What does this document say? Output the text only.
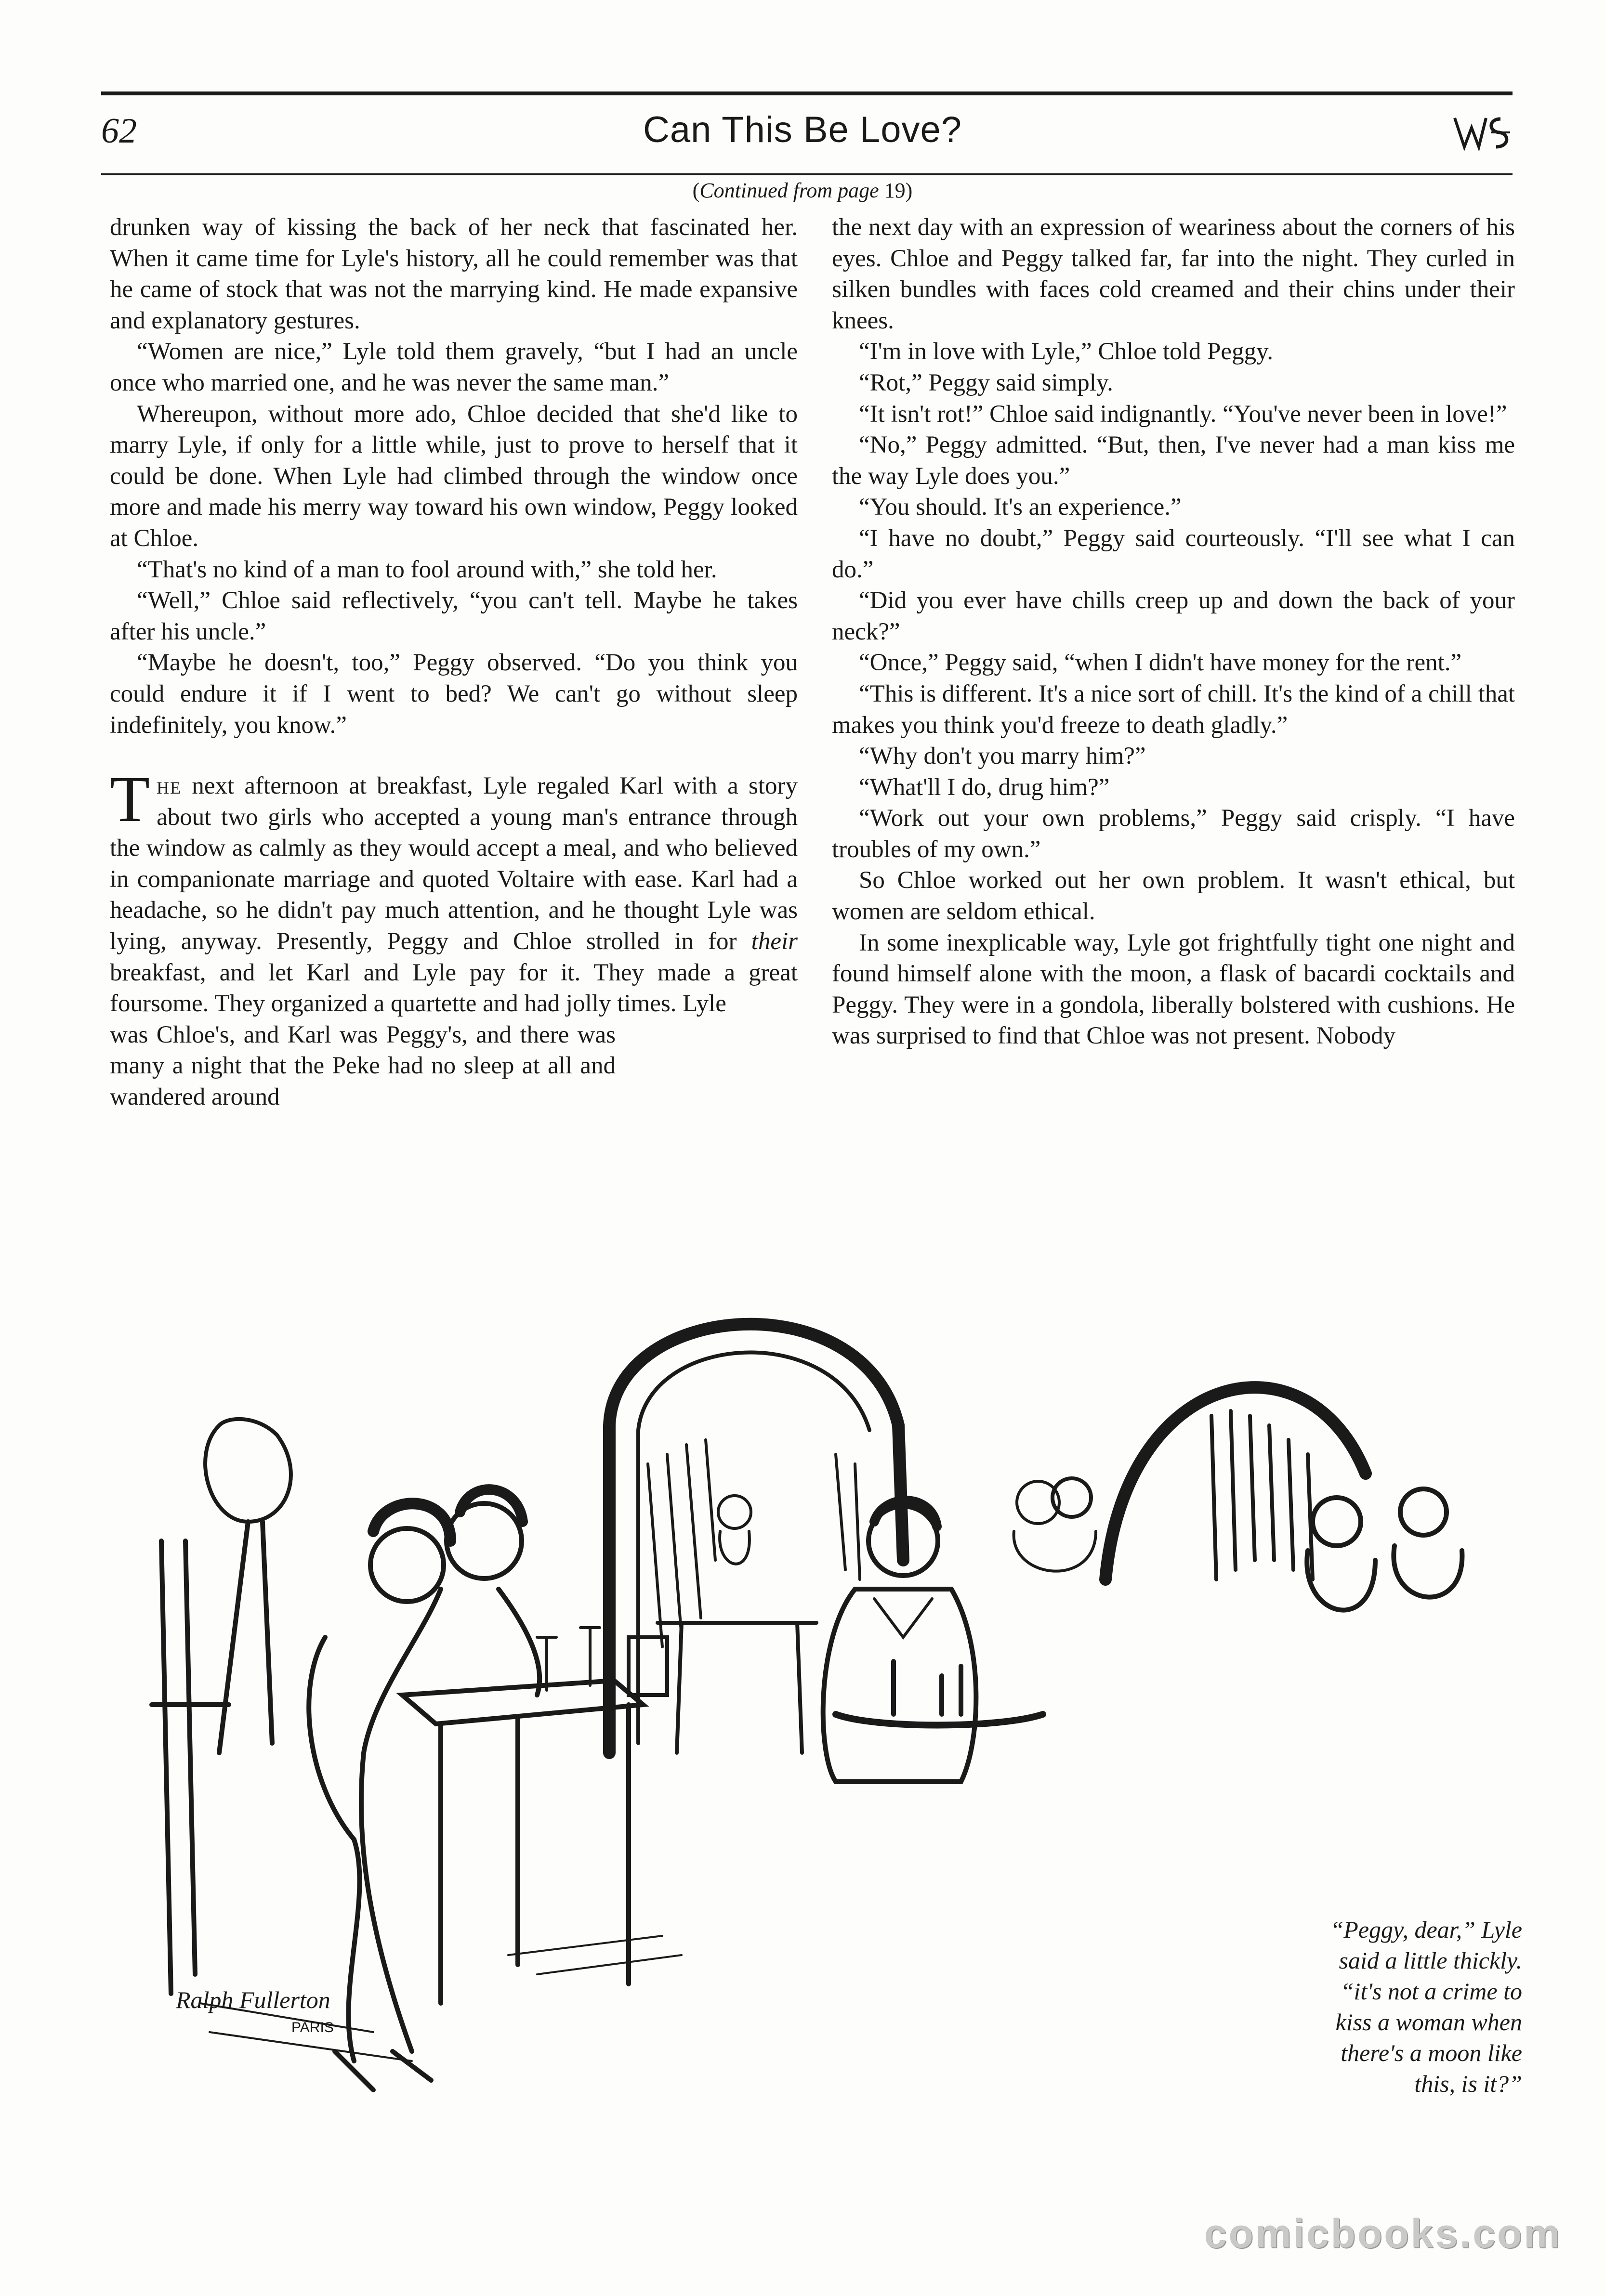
62	Can This Be Love?
(Continued from page 19)

drunken way of kissing the back of her neck that fascinated her. When it came time for Lyle's history, all he could remember was that he came of stock that was not the marrying kind. He made expansive and explanatory gestures.

“Women are nice,” Lyle told them gravely, “but I had an uncle once who married one, and he was never the same man.”

Whereupon, without more ado, Chloe decided that she'd like to marry Lyle, if only for a little while, just to prove to herself that it could be done. When Lyle had climbed through the window once more and made his merry way toward his own window, Peggy looked at Chloe.

“That's no kind of a man to fool around with,” she told her.

“Well,” Chloe said reflectively, “you can't tell. Maybe he takes after his uncle.”

“Maybe he doesn't, too,” Peggy observed. “Do you think you could endure it if I went to bed? We can't go without sleep indefinitely, you know.”

The next afternoon at breakfast, Lyle regaled Karl with a story about two girls who accepted a young man's entrance through the window as calmly as they would accept a meal, and who believed in companionate marriage and quoted Voltaire with ease. Karl had a headache, so he didn't pay much attention, and he thought Lyle was lying, anyway. Presently, Peggy and Chloe strolled in for their breakfast, and let Karl and Lyle pay for it. They made a great foursome. They organized a quartette and had jolly times. Lyle

was Chloe's, and Karl was Peggy's, and there was many a night that the Peke had no sleep at all and wandered around

the next day with an expression of weariness about the corners of his eyes. Chloe and Peggy talked far, far into the night. They curled in silken bundles with faces cold creamed and their chins under their knees.

“I'm in love with Lyle,” Chloe told Peggy.

“Rot,” Peggy said simply.

“It isn't rot!” Chloe said indignantly. “You've never been in love!”

“No,” Peggy admitted. “But, then, I've never had a man kiss me the way Lyle does you.”

“You should. It's an experience.”

“I have no doubt,” Peggy said courteously. “I'll see what I can do.”

“Did you ever have chills creep up and down the back of your neck?”

“Once,” Peggy said, “when I didn't have money for the rent.”

“This is different. It's a nice sort of chill. It's the kind of a chill that makes you think you'd freeze to death gladly.”

“Why don't you marry him?”

“What'll I do, drug him?”

“Work out your own problems,” Peggy said crisply. “I have troubles of my own.”

So Chloe worked out her own problem. It wasn't ethical, but women are seldom ethical.

In some inexplicable way, Lyle got frightfully tight one night and found himself alone with the moon, a flask of bacardi cocktails and Peggy. They were in a gondola, liberally bolstered with cushions. He was surprised to find that Chloe was not present. Nobody

Ralph Fullerton
PARIS
“Peggy, dear,” Lyle
said a little thickly.
“it's not a crime to
kiss a woman when
there's a moon like
this, is it?”
comicbooks.com
